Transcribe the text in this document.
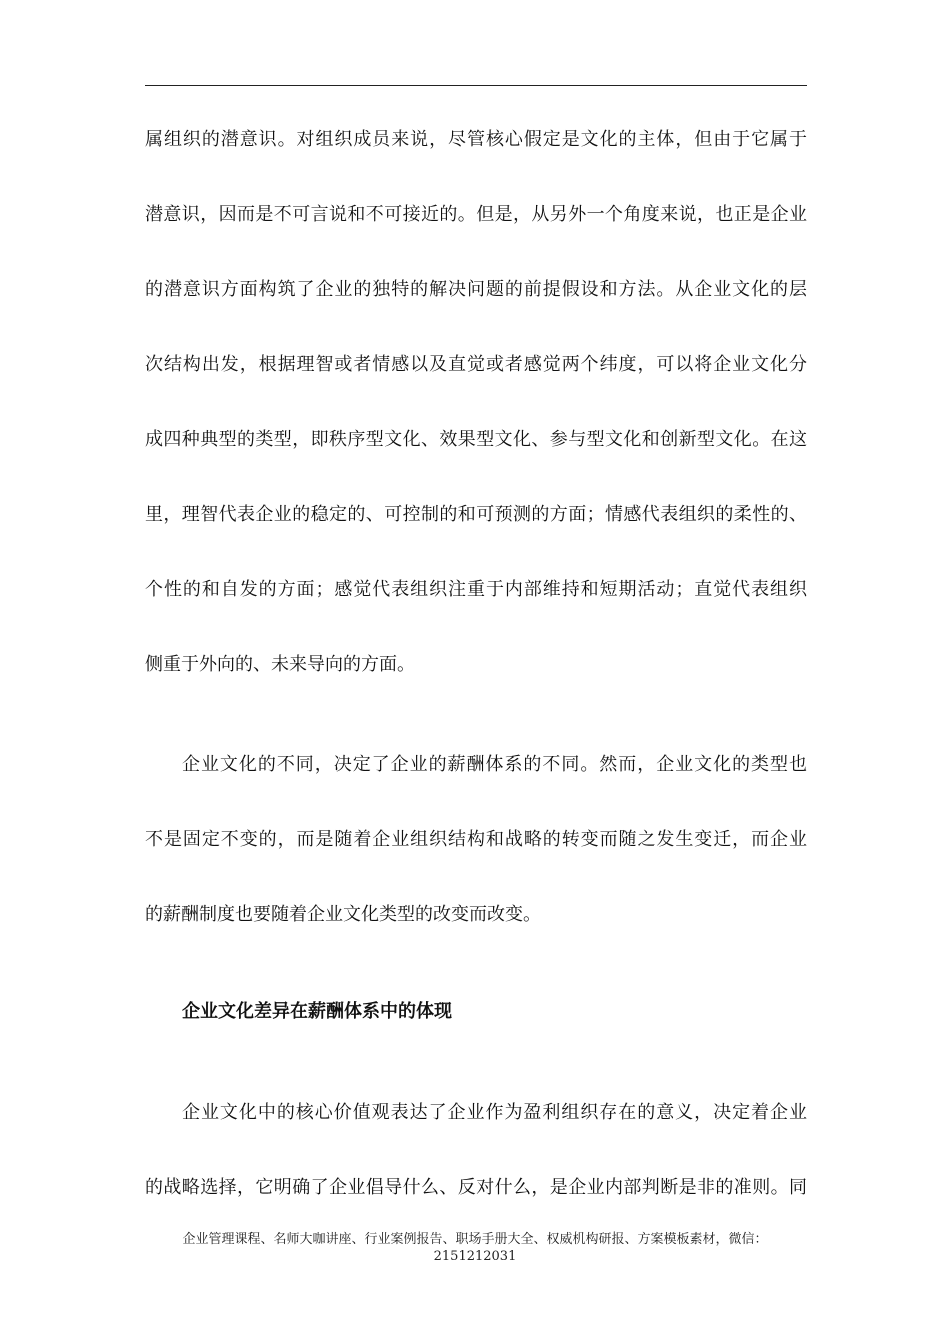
属组织的潜意识。对组织成员来说，尽管核心假定是文化的主体，但由于它属于
潜意识，因而是不可言说和不可接近的。但是，从另外一个角度来说，也正是企业
的潜意识方面构筑了企业的独特的解决问题的前提假设和方法。从企业文化的层
次结构出发，根据理智或者情感以及直觉或者感觉两个纬度，可以将企业文化分
成四种典型的类型，即秩序型文化、效果型文化、参与型文化和创新型文化。在这
里，理智代表企业的稳定的、可控制的和可预测的方面；情感代表组织的柔性的、
个性的和自发的方面；感觉代表组织注重于内部维持和短期活动；直觉代表组织
侧重于外向的、未来导向的方面。
企业文化的不同，决定了企业的薪酬体系的不同。然而，企业文化的类型也
不是固定不变的，而是随着企业组织结构和战略的转变而随之发生变迁，而企业
的薪酬制度也要随着企业文化类型的改变而改变。
企业文化差异在薪酬体系中的体现
企业文化中的核心价值观表达了企业作为盈利组织存在的意义，决定着企业
的战略选择，它明确了企业倡导什么、反对什么，是企业内部判断是非的准则。同
企业管理课程、名师大咖讲座、行业案例报告、职场手册大全、权威机构研报、方案模板素材，微信：
2151212031
